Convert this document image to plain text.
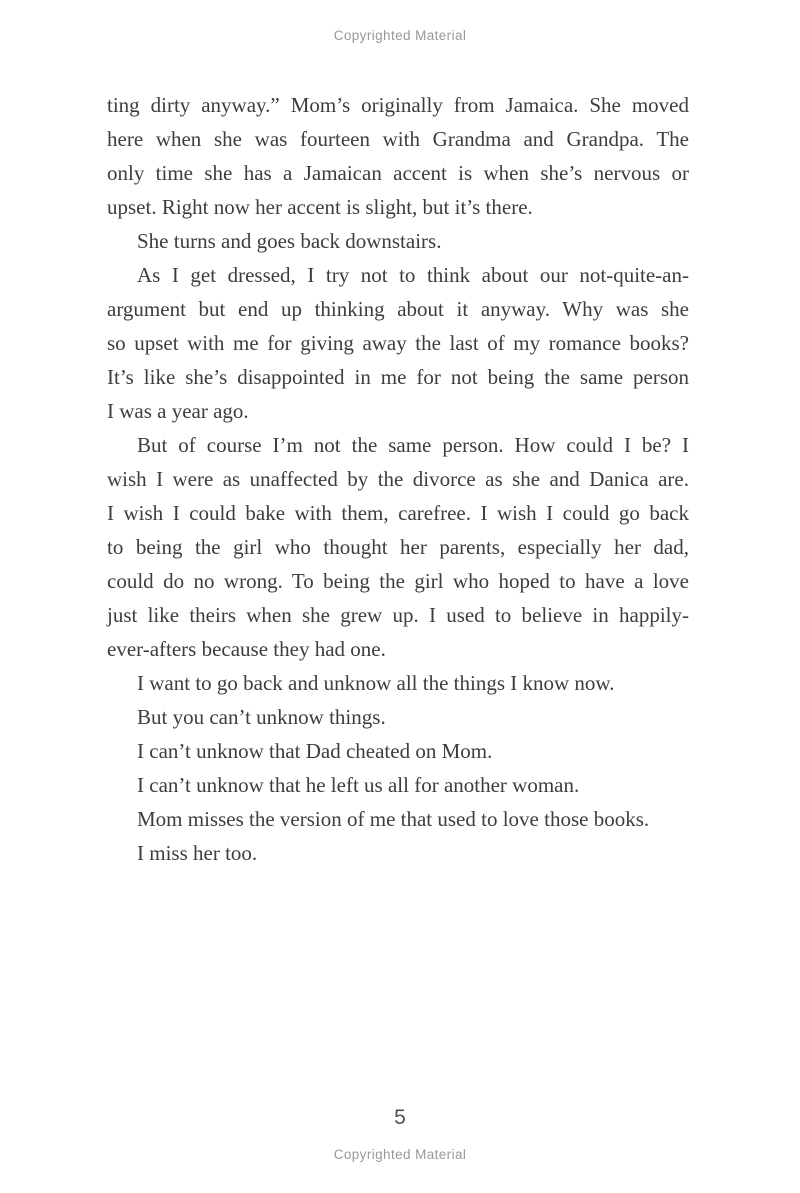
Copyrighted Material
ting dirty anyway.” Mom’s originally from Jamaica. She moved
here when she was fourteen with Grandma and Grandpa. The
only time she has a Jamaican accent is when she’s nervous or
upset. Right now her accent is slight, but it’s there.
She turns and goes back downstairs.
As I get dressed, I try not to think about our not-quite-an-
argument but end up thinking about it anyway. Why was she
so upset with me for giving away the last of my romance books?
It’s like she’s disappointed in me for not being the same person
I was a year ago.
But of course I’m not the same person. How could I be? I
wish I were as unaffected by the divorce as she and Danica are.
I wish I could bake with them, carefree. I wish I could go back
to being the girl who thought her parents, especially her dad,
could do no wrong. To being the girl who hoped to have a love
just like theirs when she grew up. I used to believe in happily-
ever-afters because they had one.
I want to go back and unknow all the things I know now.
But you can’t unknow things.
I can’t unknow that Dad cheated on Mom.
I can’t unknow that he left us all for another woman.
Mom misses the version of me that used to love those books.
I miss her too.
5
Copyrighted Material
